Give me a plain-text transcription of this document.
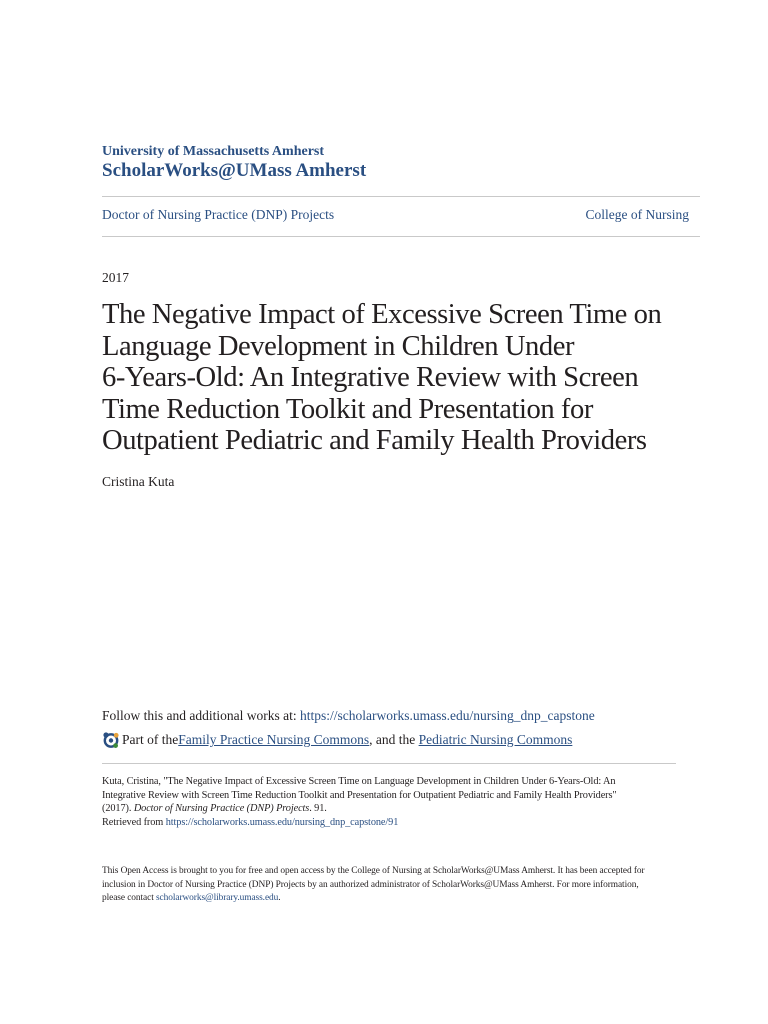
University of Massachusetts Amherst
ScholarWorks@UMass Amherst
Doctor of Nursing Practice (DNP) Projects	College of Nursing
2017
The Negative Impact of Excessive Screen Time on
Language Development in Children Under
6-Years-Old: An Integrative Review with Screen
Time Reduction Toolkit and Presentation for
Outpatient Pediatric and Family Health Providers
Cristina Kuta
Follow this and additional works at: https://scholarworks.umass.edu/nursing_dnp_capstone
Part of the Family Practice Nursing Commons , and the Pediatric Nursing Commons
Kuta, Cristina, "The Negative Impact of Excessive Screen Time on Language Development in Children Under 6-Years-Old: An
Integrative Review with Screen Time Reduction Toolkit and Presentation for Outpatient Pediatric and Family Health Providers"
(2017). Doctor of Nursing Practice (DNP) Projects. 91.
Retrieved from https://scholarworks.umass.edu/nursing_dnp_capstone/91
This Open Access is brought to you for free and open access by the College of Nursing at ScholarWorks@UMass Amherst. It has been accepted for
inclusion in Doctor of Nursing Practice (DNP) Projects by an authorized administrator of ScholarWorks@UMass Amherst. For more information,
please contact scholarworks@library.umass.edu.
